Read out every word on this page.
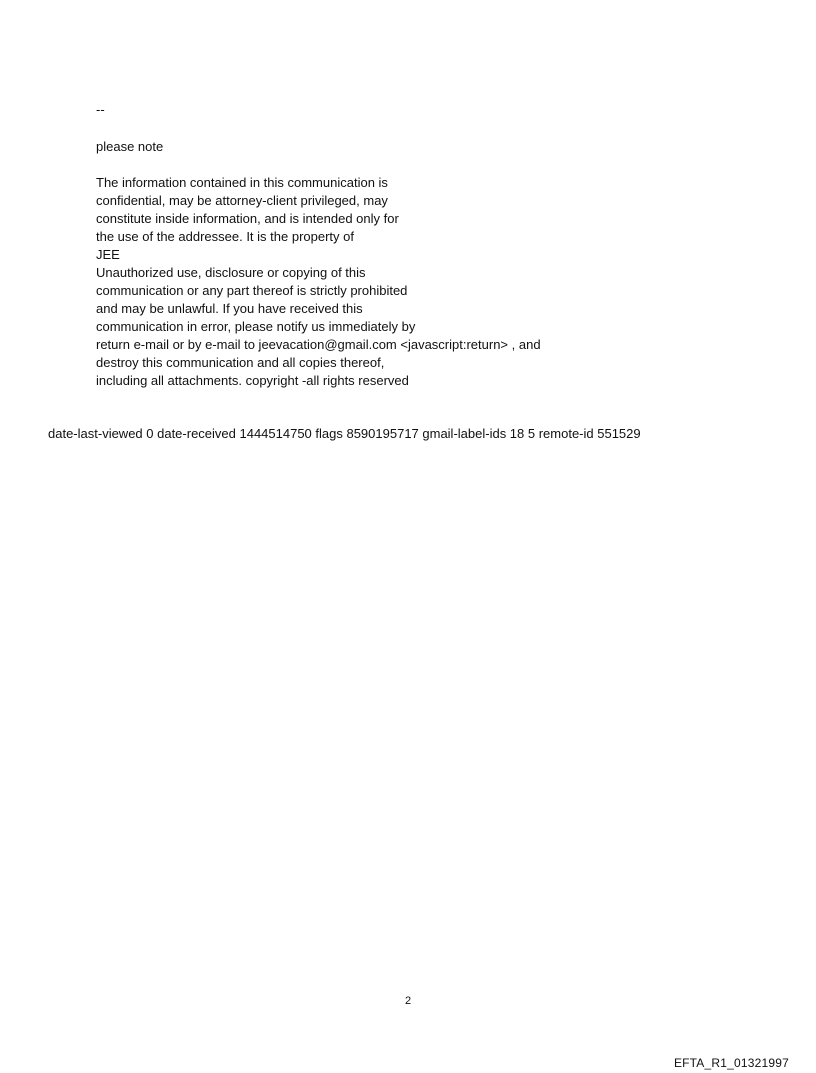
--
please note
The information contained in this communication is
confidential, may be attorney-client privileged, may
constitute inside information, and is intended only for
the use of the addressee. It is the property of
JEE
Unauthorized use, disclosure or copying of this
communication or any part thereof is strictly prohibited
and may be unlawful. If you have received this
communication in error, please notify us immediately by
return e-mail or by e-mail to jeevacation@gmail.com <javascript:return> , and
destroy this communication and all copies thereof,
including all attachments. copyright -all rights reserved
date-last-viewed 0 date-received 1444514750 flags 8590195717 gmail-label-ids 18 5 remote-id 551529
2
EFTA_R1_01321997
